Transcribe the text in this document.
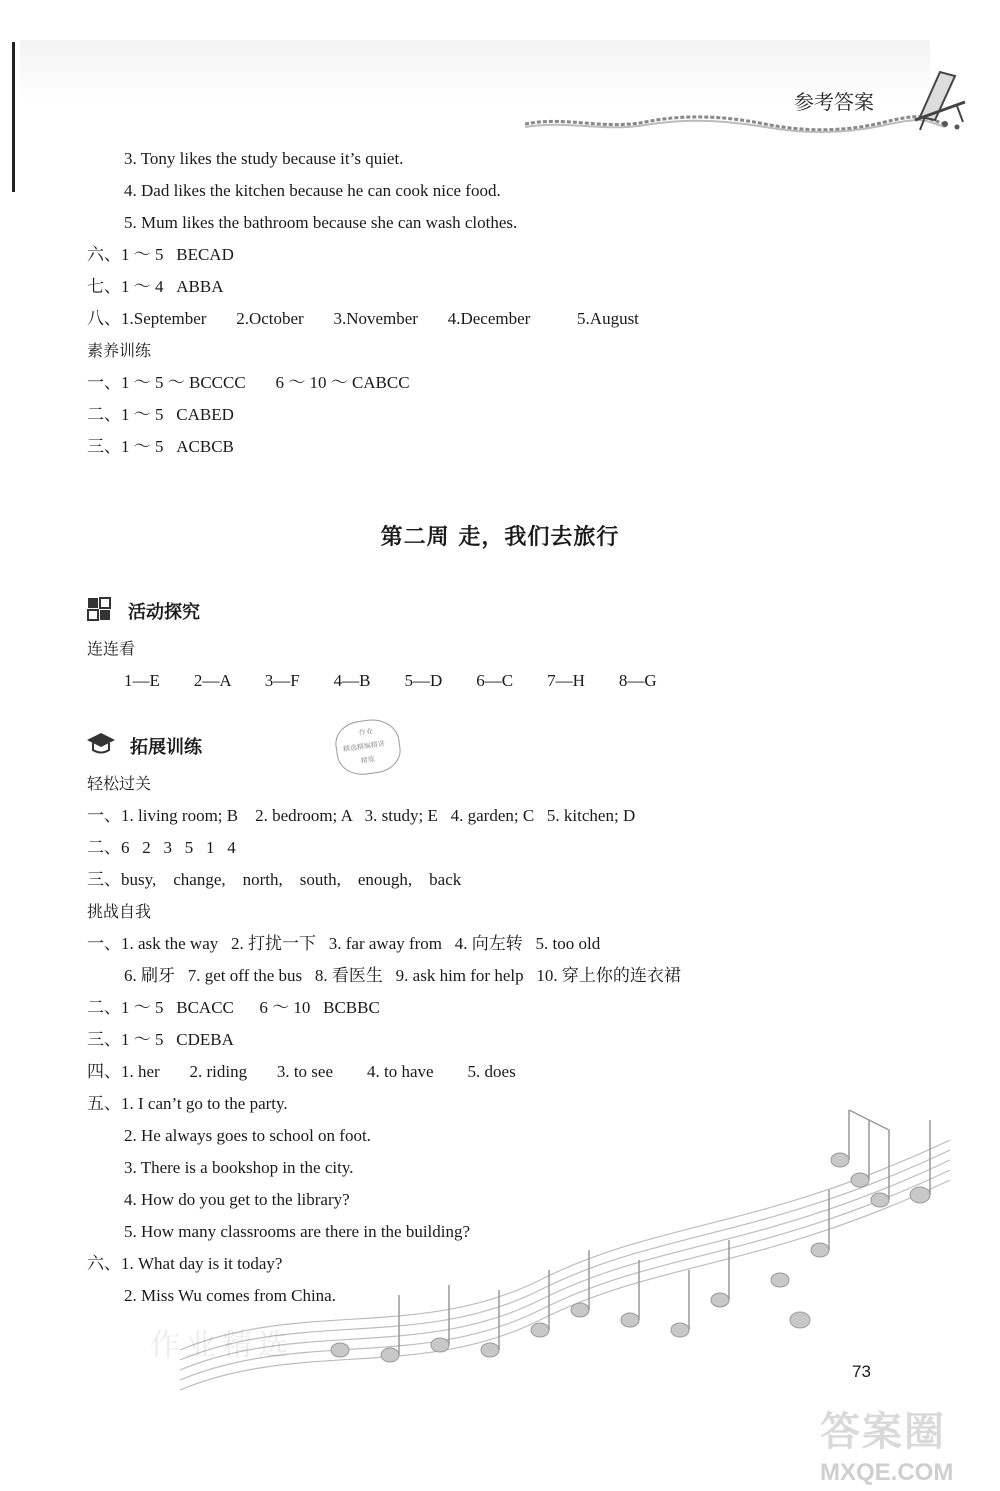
参考答案
3. Tony likes the study because it’s quiet.
4. Dad likes the kitchen because he can cook nice food.
5. Mum likes the bathroom because she can wash clothes.
六、1 ～ 5   BECAD
七、1 ～ 4   ABBA
八、1.September       2.October       3.November       4.December           5.August
素养训练
一、1 ～ 5 ～ BCCCC       6 ～ 10 ～ CABCC
二、1 ～ 5   CABED
三、1 ～ 5   ACBCB
第二周 走，我们去旅行
活动探究
连连看
1—E        2—A        3—F        4—B        5—D        6—C        7—H        8—G
拓展训练
作业
精选精编精讲
精炼
轻松过关
一、1. living room; B    2. bedroom; A   3. study; E   4. garden; C   5. kitchen; D
二、6   2   3   5   1   4
三、busy,    change,    north,    south,    enough,    back
挑战自我
一、1. ask the way   2. 打扰一下   3. far away from   4. 向左转   5. too old
6. 刷牙   7. get off the bus   8. 看医生   9. ask him for help   10. 穿上你的连衣裙
二、1 ～ 5   BCACC      6 ～ 10   BCBBC
三、1 ～ 5   CDEBA
四、1. her       2. riding       3. to see        4. to have        5. does
五、1. I can’t go to the party.
2. He always goes to school on foot.
3. There is a bookshop in the city.
4. How do you get to the library?
5. How many classrooms are there in the building?
六、1. What day is it today?
2. Miss Wu comes from China.
作业精选
73
答案圈
MXQE.COM
